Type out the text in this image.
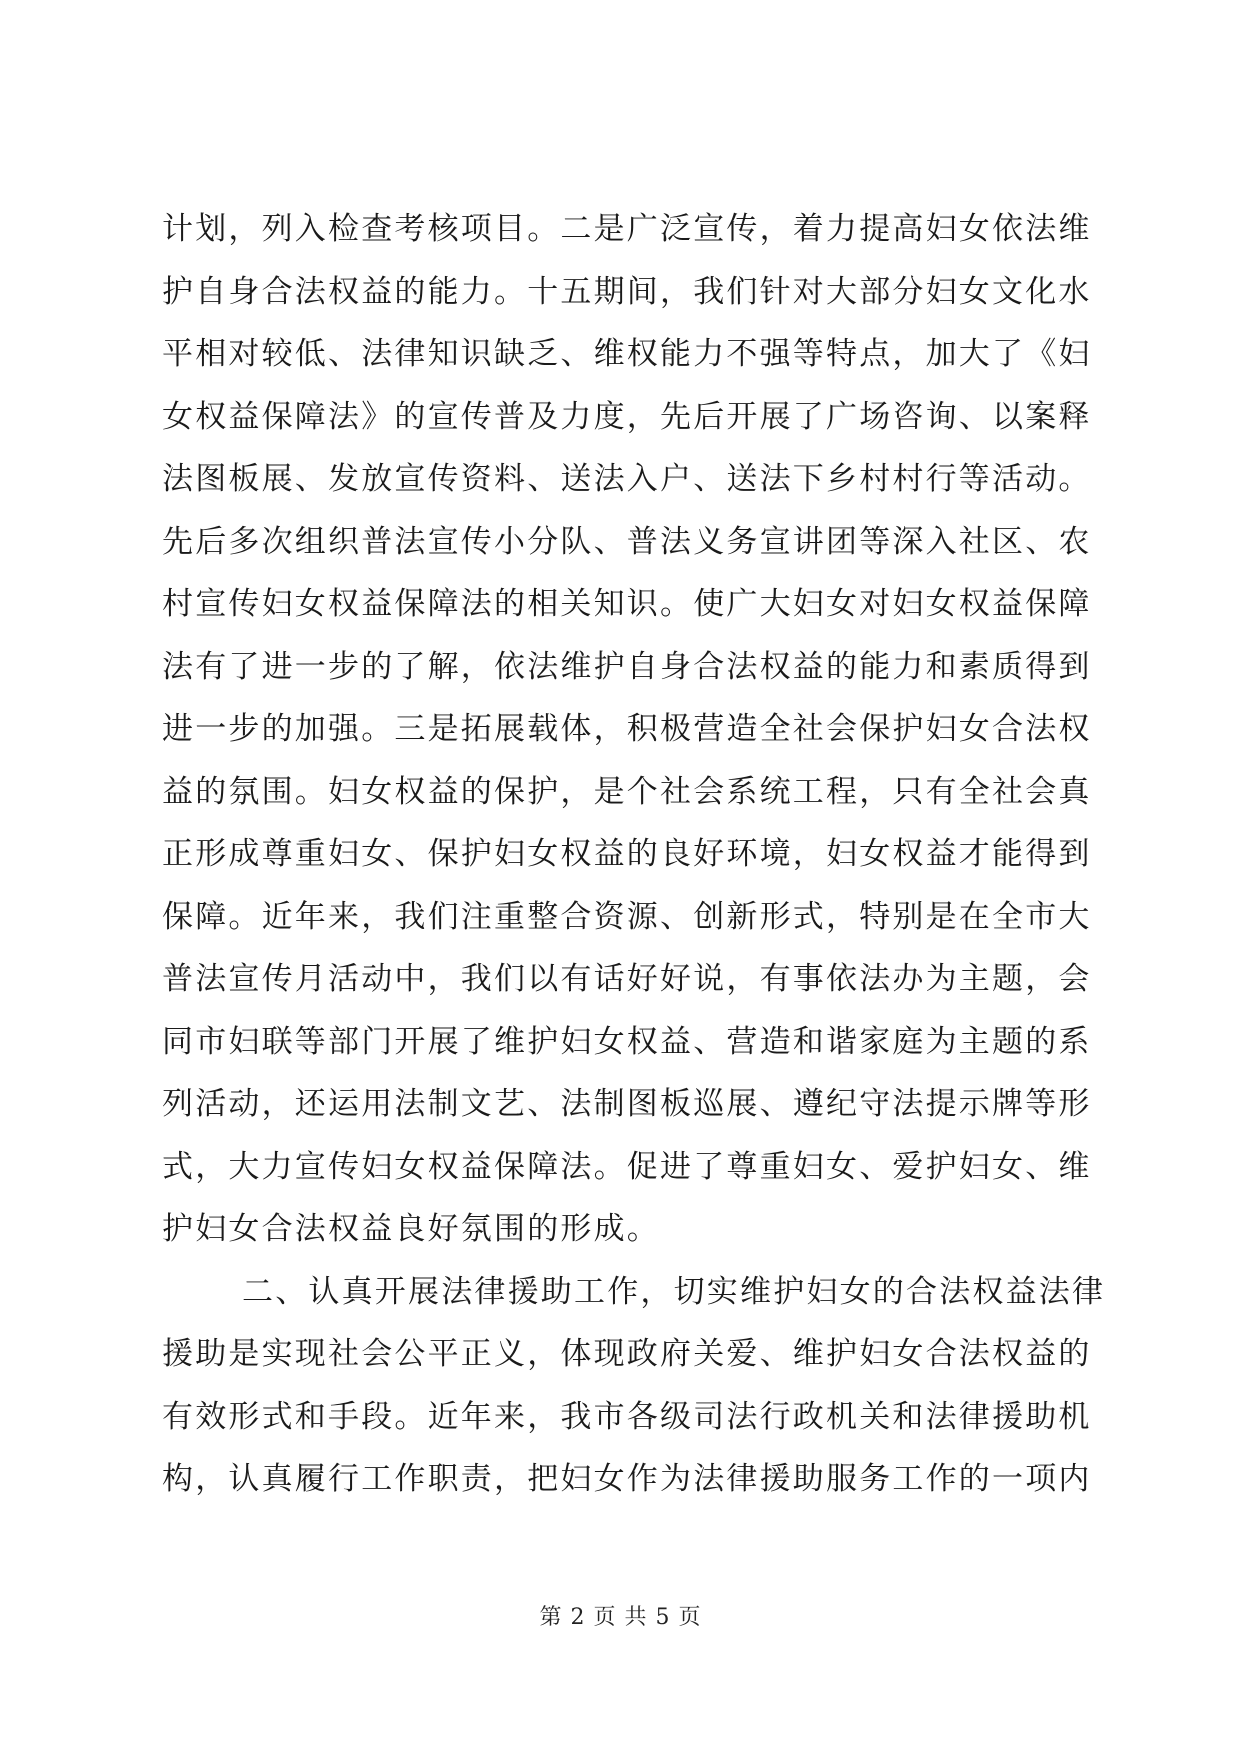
计划，列入检查考核项目。二是广泛宣传，着力提高妇女依法维
护自身合法权益的能力。十五期间，我们针对大部分妇女文化水
平相对较低、法律知识缺乏、维权能力不强等特点，加大了《妇
女权益保障法》的宣传普及力度，先后开展了广场咨询、以案释
法图板展、发放宣传资料、送法入户、送法下乡村村行等活动。
先后多次组织普法宣传小分队、普法义务宣讲团等深入社区、农
村宣传妇女权益保障法的相关知识。使广大妇女对妇女权益保障
法有了进一步的了解，依法维护自身合法权益的能力和素质得到
进一步的加强。三是拓展载体，积极营造全社会保护妇女合法权
益的氛围。妇女权益的保护，是个社会系统工程，只有全社会真
正形成尊重妇女、保护妇女权益的良好环境，妇女权益才能得到
保障。近年来，我们注重整合资源、创新形式，特别是在全市大
普法宣传月活动中，我们以有话好好说，有事依法办为主题，会
同市妇联等部门开展了维护妇女权益、营造和谐家庭为主题的系
列活动，还运用法制文艺、法制图板巡展、遵纪守法提示牌等形
式，大力宣传妇女权益保障法。促进了尊重妇女、爱护妇女、维
护妇女合法权益良好氛围的形成。
二、认真开展法律援助工作，切实维护妇女的合法权益法律
援助是实现社会公平正义，体现政府关爱、维护妇女合法权益的
有效形式和手段。近年来，我市各级司法行政机关和法律援助机
构，认真履行工作职责，把妇女作为法律援助服务工作的一项内
第 2 页 共 5 页
